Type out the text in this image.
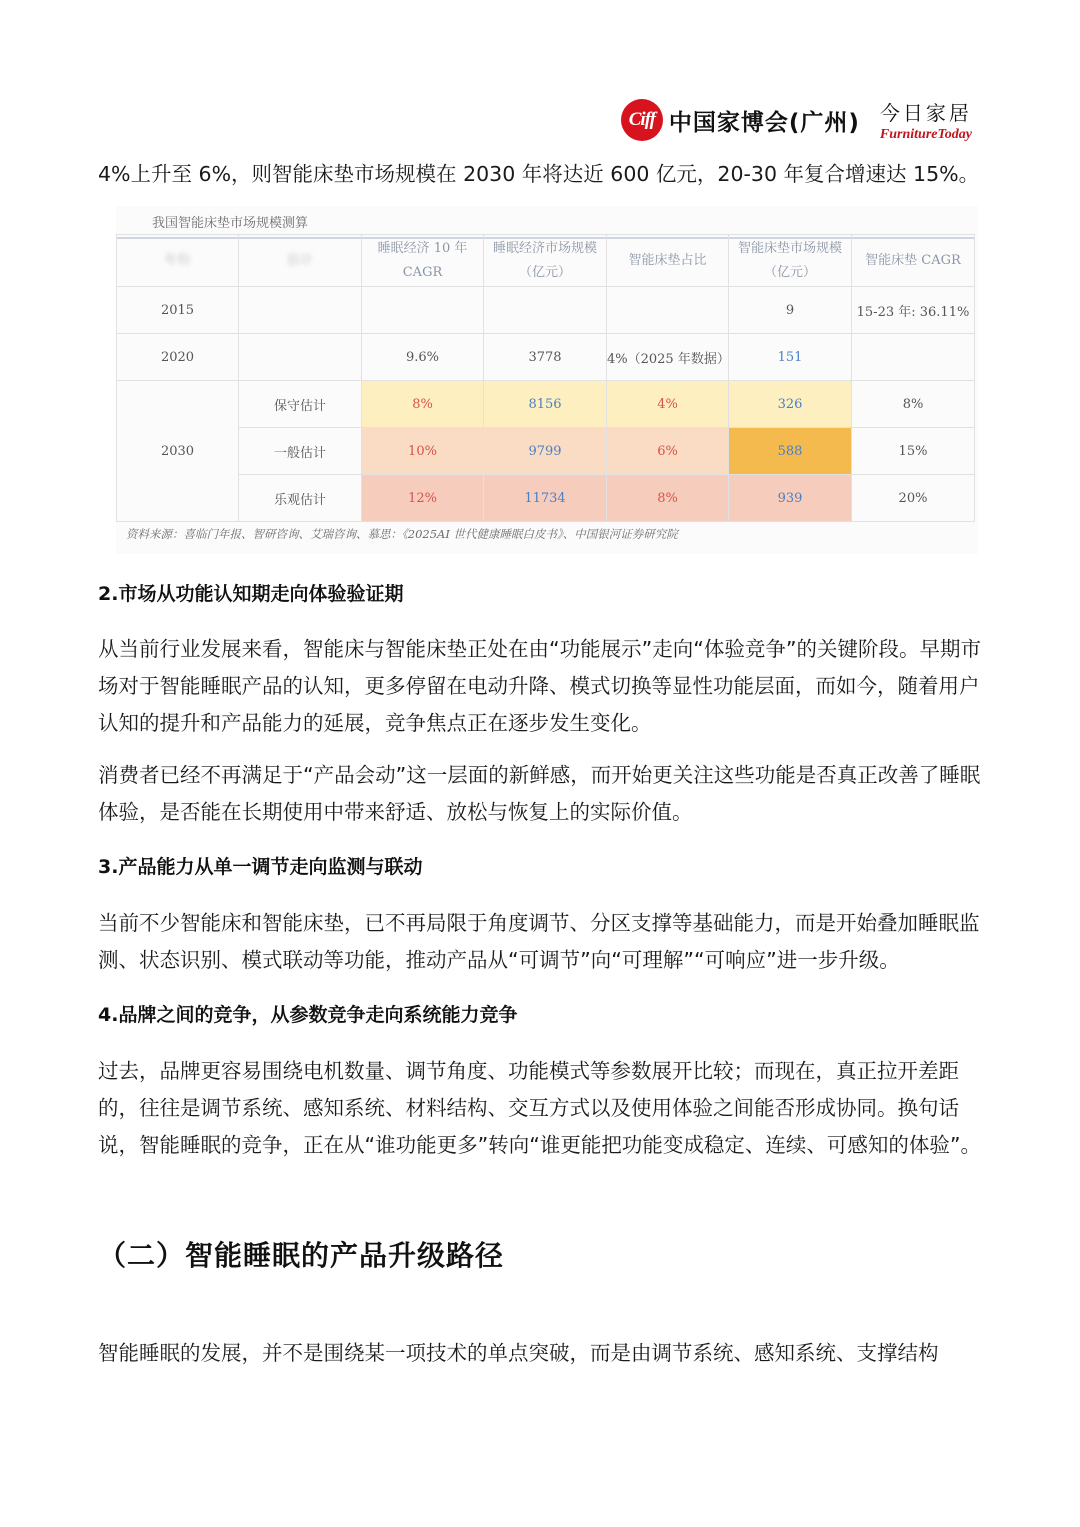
Ciff 中国家博会(广州) 今日家居
FurnitureToday

4%上升至 6%，则智能床垫市场规模在 2030 年将达近 600 亿元，20-30 年复合增速达 15%。

我国智能床垫市场规模测算
年份	估计	睡眠经济 10 年 CAGR	睡眠经济市场规模（亿元）	智能床垫占比	智能床垫市场规模（亿元）	智能床垫 CAGR
2015					9	15-23 年: 36.11%
2020		9.6%	3778	4%（2025 年数据）	151	
2030	保守估计	8%	8156	4%	326	8%
	一般估计	10%	9799	6%	588	15%
	乐观估计	12%	11734	8%	939	20%
资料来源：喜临门年报、智研咨询、艾瑞咨询、慕思：《2025AI 世代健康睡眠白皮书》、中国银河证券研究院
2.市场从功能认知期走向体验验证期

从当前行业发展来看，智能床与智能床垫正处在由“功能展示”走向“体验竞争”的关键阶段。早期市场对于智能睡眠产品的认知，更多停留在电动升降、模式切换等显性功能层面，而如今，随着用户认知的提升和产品能力的延展，竞争焦点正在逐步发生变化。

消费者已经不再满足于“产品会动”这一层面的新鲜感，而开始更关注这些功能是否真正改善了睡眠体验，是否能在长期使用中带来舒适、放松与恢复上的实际价值。

3.产品能力从单一调节走向监测与联动

当前不少智能床和智能床垫，已不再局限于角度调节、分区支撑等基础能力，而是开始叠加睡眠监测、状态识别、模式联动等功能，推动产品从“可调节”向“可理解”“可响应”进一步升级。

4.品牌之间的竞争，从参数竞争走向系统能力竞争

过去，品牌更容易围绕电机数量、调节角度、功能模式等参数展开比较；而现在，真正拉开差距的，往往是调节系统、感知系统、材料结构、交互方式以及使用体验之间能否形成协同。换句话说，智能睡眠的竞争，正在从“谁功能更多”转向“谁更能把功能变成稳定、连续、可感知的体验”。

（二）智能睡眠的产品升级路径

智能睡眠的发展，并不是围绕某一项技术的单点突破，而是由调节系统、感知系统、支撑结构
